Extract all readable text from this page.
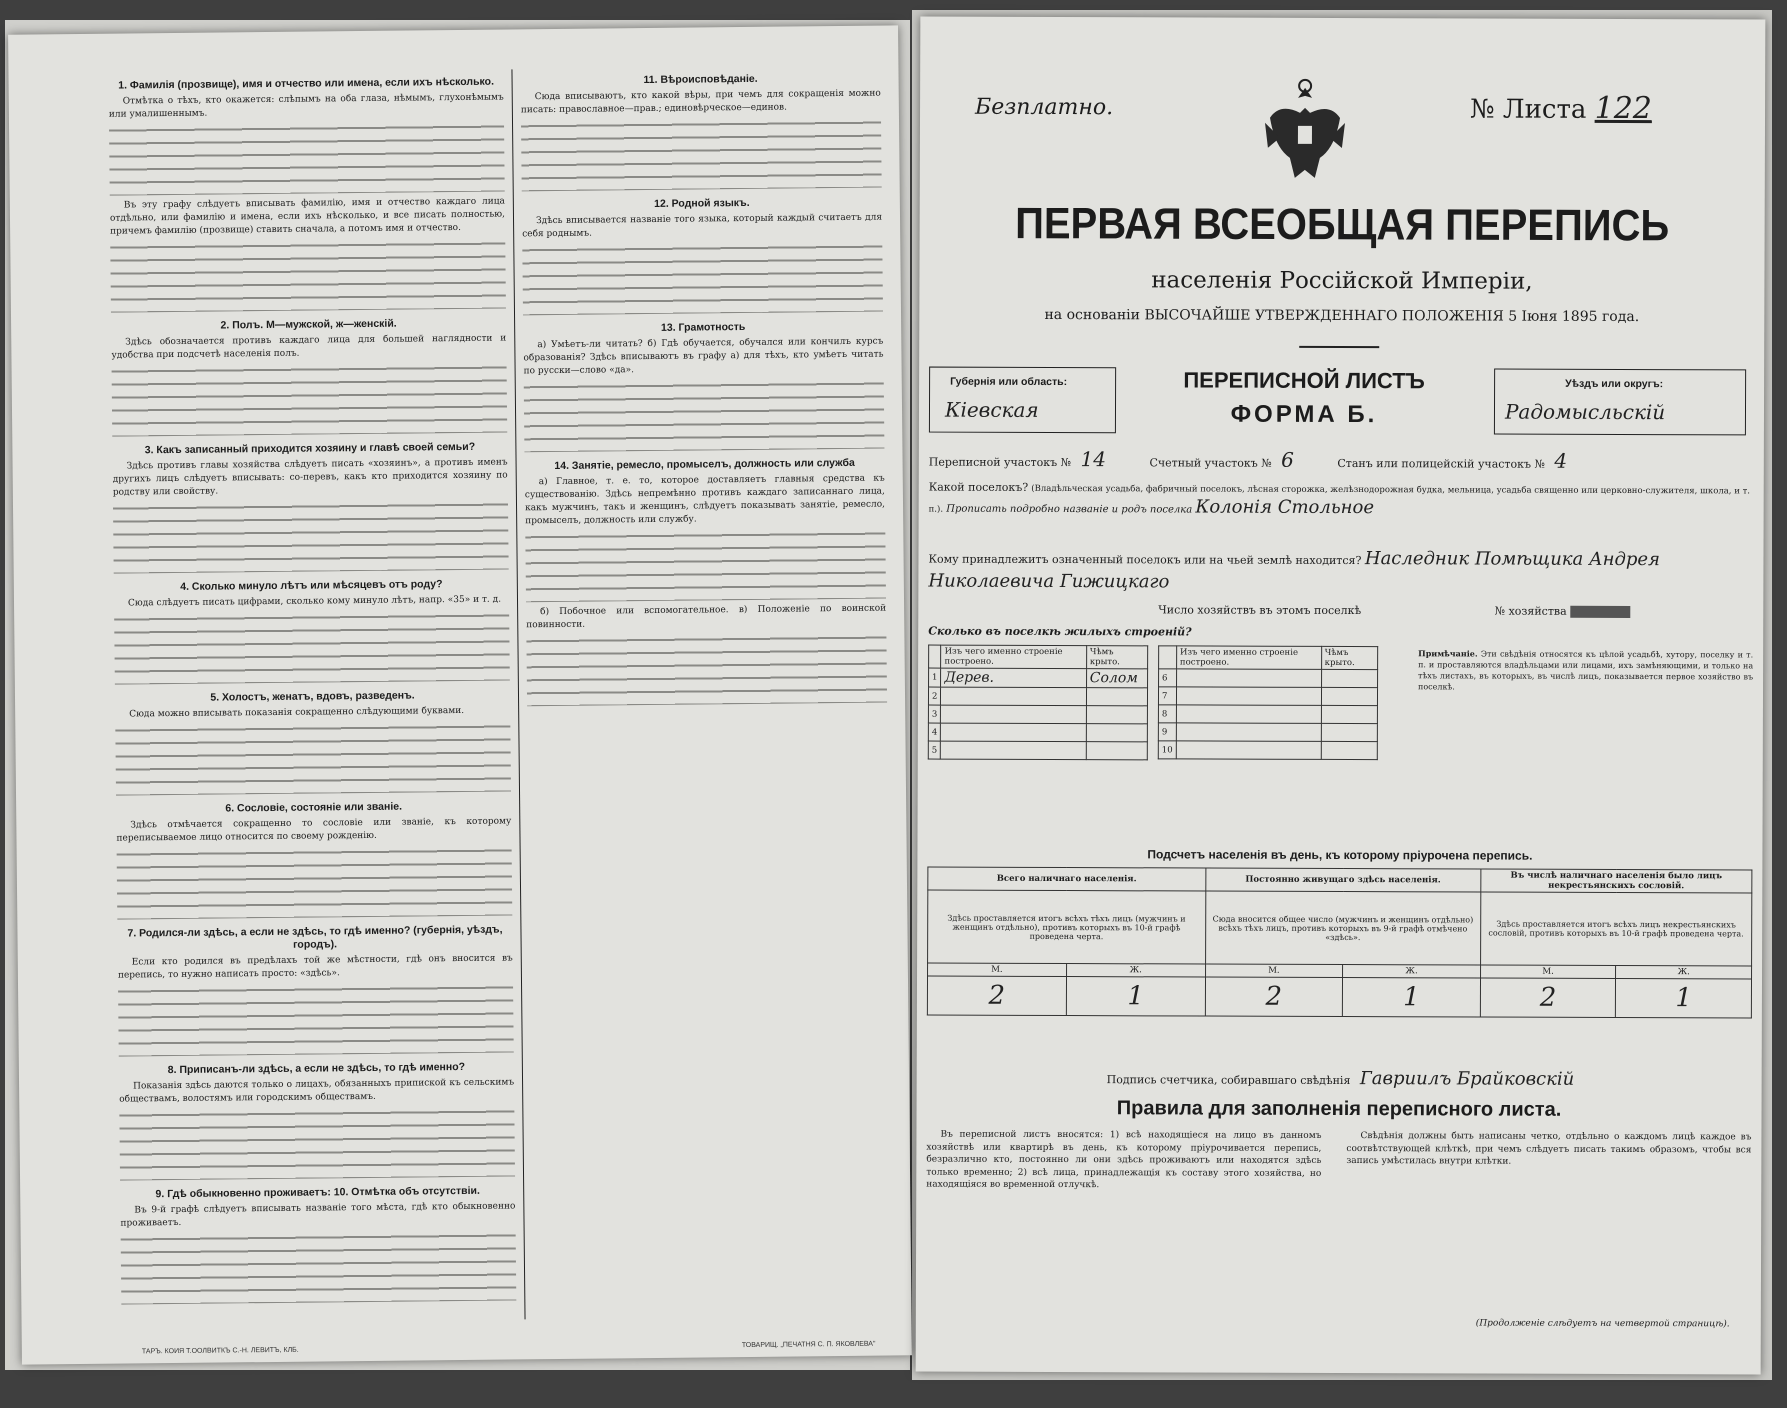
1. Фамилія (прозвище), имя и отчество или имена, если ихъ нѣсколько.

Отмѣтка о тѣхъ, кто окажется: слѣпымъ на оба глаза, нѣмымъ, глухонѣмымъ или умалишеннымъ.

Въ эту графу слѣдуетъ вписывать фамилію, имя и отчество каждаго лица отдѣльно, или фамилію и имена, если ихъ нѣсколько, и все писать полностью, причемъ фамилію (прозвище) ставить сначала, а потомъ имя и отчество.

2. Полъ. М—мужской, ж—женскій.

Здѣсь обозначается противъ каждаго лица для большей наглядности и удобства при подсчетѣ населенія полъ.

3. Какъ записанный приходится хозяину и главѣ своей семьи?

Здѣсь противъ главы хозяйства слѣдуетъ писать «хозяинъ», а противъ именъ другихъ лицъ слѣдуетъ вписывать: со-перевъ, какъ кто приходится хозяину по родству или свойству.

4. Сколько минуло лѣтъ или мѣсяцевъ отъ роду?

Сюда слѣдуетъ писать цифрами, сколько кому минуло лѣтъ, напр. «35» и т. д.

5. Холостъ, женатъ, вдовъ, разведенъ.

Сюда можно вписывать показанія сокращенно слѣдующими буквами.

6. Сословіе, состояніе или званіе.

Здѣсь отмѣчается сокращенно то сословіе или званіе, къ которому переписываемое лицо относится по своему рожденію.

7. Родился-ли здѣсь, а если не здѣсь, то гдѣ именно? (губернія, уѣздъ, городъ).

Если кто родился въ предѣлахъ той же мѣстности, гдѣ онъ вносится въ перепись, то нужно написать просто: «здѣсь».

8. Приписанъ-ли здѣсь, а если не здѣсь, то гдѣ именно?

Показанія здѣсь даются только о лицахъ, обязанныхъ припиской къ сельскимъ обществамъ, волостямъ или городскимъ обществамъ.

9. Гдѣ обыкновенно проживаетъ: 10. Отмѣтка объ отсутствіи.

Въ 9-й графѣ слѣдуетъ вписывать названіе того мѣста, гдѣ кто обыкновенно проживаетъ.

11. Вѣроисповѣданіе.

Сюда вписываютъ, кто какой вѣры, при чемъ для сокращенія можно писать: православное—прав.; единовѣрческое—единов.

12. Родной языкъ.

Здѣсь вписывается названіе того языка, который каждый считаетъ для себя роднымъ.

13. Грамотность

а) Умѣетъ-ли читать? б) Гдѣ обучается, обучался или кончилъ курсъ образованія? Здѣсь вписываютъ въ графу а) для тѣхъ, кто умѣетъ читать по русски—слово «да».

14. Занятіе, ремесло, промыселъ, должность или служба

а) Главное, т. е. то, которое доставляетъ главныя средства къ существованію. Здѣсь непремѣнно противъ каждаго записаннаго лица, какъ мужчинъ, такъ и женщинъ, слѣдуетъ показывать занятіе, ремесло, промыселъ, должность или службу.

б) Побочное или вспомогательное. в) Положеніе по воинской повинности.

ТАРЪ. КОИЯ Т.ООЛВИТКЪ С.-Н. ЛЕВИТЪ, КЛБ.
ТОВАРИЩ. „ПЕЧАТНЯ С. П. ЯКОВЛЕВА"
Безплатно.	№ Листа 122
ПЕРВАЯ ВСЕОБЩАЯ ПЕРЕПИСЬ
населенія Россійской Имперіи,
на основаніи ВЫСОЧАЙШЕ УТВЕРЖДЕННАГО ПОЛОЖЕНІЯ 5 Іюня 1895 года.
Губернія или область:
Кіевская
ПЕРЕПИСНОЙ ЛИСТЪ
ФОРМА Б.
Уѣздъ или округъ:
Радомысльскій
Переписной участокъ № 14	Счетный участокъ № 6	Станъ или полицейскій участокъ № 4
Какой поселокъ? (Владѣльческая усадьба, фабричный поселокъ, лѣсная сторожка, желѣзнодорожная будка, мельница, усадьба священно или церковно-служителя, школа, и т. п.). Прописать подробно названіе и родъ поселка Колонія Стольное
Кому принадлежитъ означенный поселокъ или на чьей землѣ находится? Наследник Помѣщика Андрея
Николаевича Гижицкаго
Число хозяйствъ въ этомъ поселкѣ	№ хозяйства
Сколько въ поселкѣ жилыхъ строеній?
	Изъ чего именно строеніе построено.	Чѣмъ крыто.
1	Дерев.	Солом
2		
3		
4		
5		
	Изъ чего именно строеніе построено.	Чѣмъ крыто.
6		
7		
8		
9		
10		
Примѣчаніе. Эти свѣдѣнія относятся къ цѣлой усадьбѣ, хутору, поселку и т. п. и проставляются владѣльцами или лицами, ихъ замѣняющими, и только на тѣхъ листахъ, въ которыхъ, въ числѣ лицъ, показывается первое хозяйство въ поселкѣ.
Подсчетъ населенія въ день, къ которому пріурочена перепись.
Всего наличнаго населенія.		Постоянно живущаго здѣсь населенія.		Въ числѣ наличнаго населенія было лицъ некрестьянскихъ сословій.	
Здѣсь проставляется итогъ всѣхъ тѣхъ лицъ (мужчинъ и женщинъ отдѣльно), противъ которыхъ въ 10-й графѣ проведена черта.		Сюда вносится общее число (мужчинъ и женщинъ отдѣльно) всѣхъ тѣхъ лицъ, противъ которыхъ въ 9-й графѣ отмѣчено «здѣсь».		Здѣсь проставляется итогъ всѣхъ лицъ некрестьянскихъ сословій, противъ которыхъ въ 10-й графѣ проведена черта.	
М.	Ж.	М.	Ж.	М.	Ж.
2	1	2	1	2	1
Подпись счетчика, собиравшаго свѣдѣнія Гавриилъ Брайковскій
Правила для заполненія переписного листа.
Въ переписной листъ вносятся: 1) всѣ находящіеся на лицо въ данномъ хозяйствѣ или квартирѣ въ день, къ которому пріурочивается перепись, безразлично кто, постоянно ли они здѣсь проживаютъ или находятся здѣсь только временно; 2) всѣ лица, принадлежащія къ составу этого хозяйства, но находящіяся во временной отлучкѣ.
Свѣдѣнія должны быть написаны четко, отдѣльно о каждомъ лицѣ каждое въ соотвѣтствующей клѣткѣ, при чемъ слѣдуетъ писать такимъ образомъ, чтобы вся запись умѣстилась внутри клѣтки.
(Продолженіе слѣдуетъ на четвертой страницѣ).
